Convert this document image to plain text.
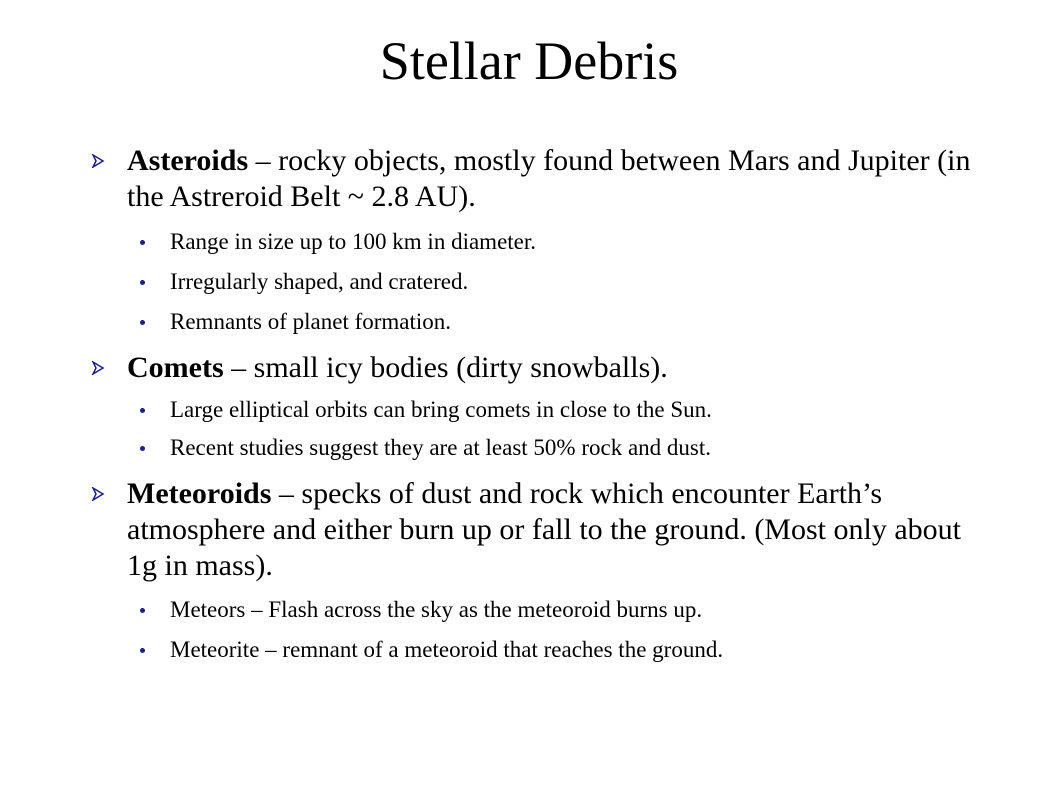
Stellar Debris
Asteroids – rocky objects, mostly found between Mars and Jupiter (in the Astreroid Belt ~ 2.8 AU).
Range in size up to 100 km in diameter.
Irregularly shaped, and cratered.
Remnants of planet formation.
Comets – small icy bodies (dirty snowballs).
Large elliptical orbits can bring comets in close to the Sun.
Recent studies suggest they are at least 50% rock and dust.
Meteoroids – specks of dust and rock which encounter Earth’s atmosphere and either burn up or fall to the ground. (Most only about 1g in mass).
Meteors – Flash across the sky as the meteoroid burns up.
Meteorite – remnant of a meteoroid that reaches the ground.
